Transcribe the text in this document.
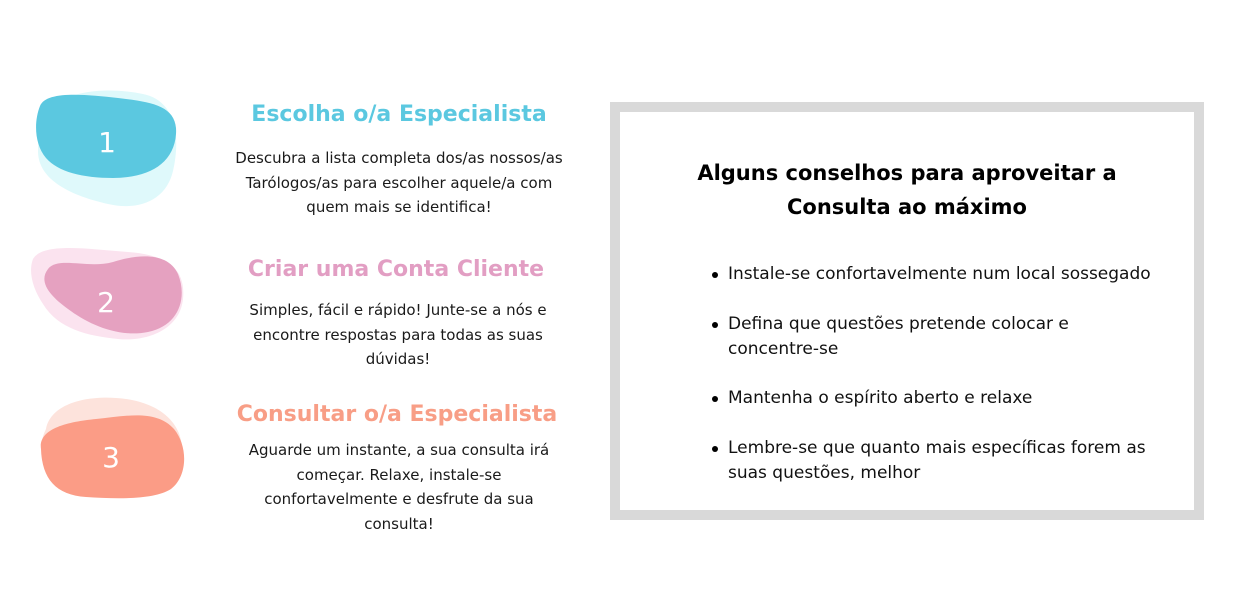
1
Escolha o/a Especialista
Descubra a lista completa dos/as nossos/as
Tarólogos/as para escolher aquele/a com
quem mais se identifica!
2
Criar uma Conta Cliente
Simples, fácil e rápido! Junte-se a nós e
encontre respostas para todas as suas
dúvidas!
3
Consultar o/a Especialista
Aguarde um instante, a sua consulta irá
começar. Relaxe, instale-se
confortavelmente e desfrute da sua
consulta!
Alguns conselhos para aproveitar a
Consulta ao máximo
Instale-se confortavelmente num local sossegado
Defina que questões pretende colocar e
concentre-se
Mantenha o espírito aberto e relaxe
Lembre-se que quanto mais específicas forem as
suas questões, melhor
